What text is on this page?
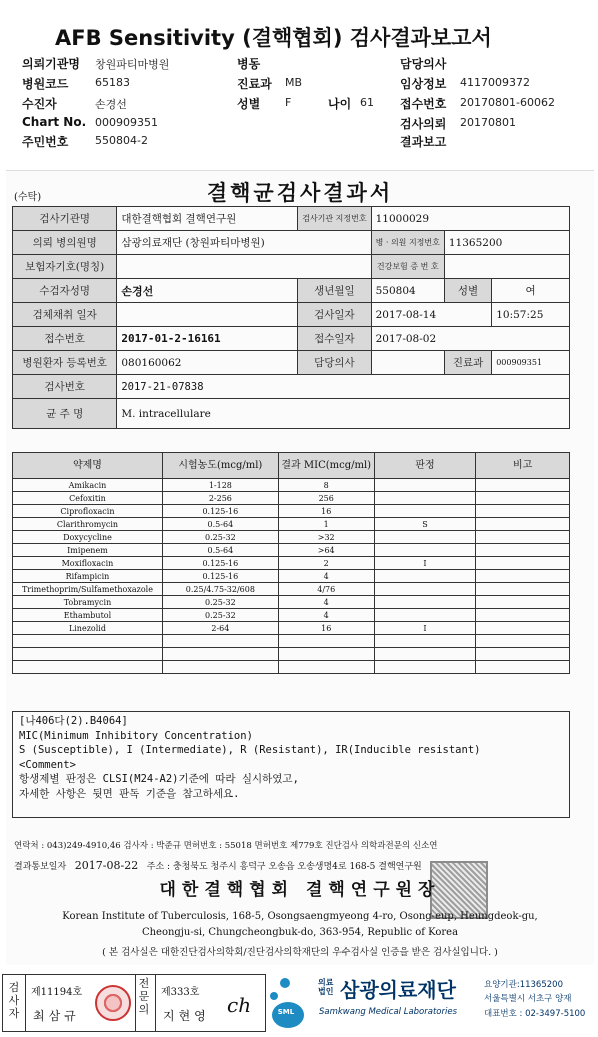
AFB Sensitivity (결핵협회) 검사결과보고서
의뢰기관명 창원파티마병원	병동	담당의사
병원코드 65183	진료과 MB	임상정보 4117009372
수진자	손경선	성별 F	나이 61 접수번호 20170801-60062
Chart No. 000909351	검사의뢰 20170801
주민번호 550804-2	결과보고
(수탁)	결핵균검사결과서
검사기관명	대한결핵협회 결핵연구원	검사기관 지정번호	11000029		
의뢰 병의원명	삼광의료재단 (창원파티마병원)		병 · 의원 지정번호	11365200	
보험자기호(명칭)			건강보험 증 번 호		
수검자성명	손경선	생년월일	550804	성별	여
검체채취 일자		검사일자	2017-08-14		10:57:25
접수번호	2017-01-2-16161	접수일자	2017-08-02		
병원환자 등록번호	080160062	담당의사		진료과	000909351
검사번호	2017-21-07838				
균 주 명	M. intracellulare				
약제명	시험농도(mcg/ml)	결과 MIC(mcg/ml)	판정	비고
Amikacin	1-128	8		
Cefoxitin	2-256	256		
Ciprofloxacin	0.125-16	16		
Clarithromycin	0.5-64	1	S	
Doxycycline	0.25-32	>32		
Imipenem	0.5-64	>64		
Moxifloxacin	0.125-16	2	I	
Rifampicin	0.125-16	4		
Trimethoprim/Sulfamethoxazole	0.25/4.75-32/608	4/76		
Tobramycin	0.25-32	4		
Ethambutol	0.25-32	4		
Linezolid	2-64	16	I	

[나406다(2).B4064]
MIC(Minimum Inhibitory Concentration)
S (Susceptible), I (Intermediate), R (Resistant), IR(Inducible resistant)
<Comment>
항생제별 판정은 CLSI(M24-A2)기준에 따라 실시하였고,
자세한 사항은 뒷면 판독 기준을 참고하세요.
연락처 : 043)249-4910,46 검사자 : 박준규 면허번호 : 55018 면허번호 제779호 진단검사 의학과전문의 신소연
결과통보일자 2017-08-22 주소 : 충청북도 청주시 흥덕구 오송읍 오송생명4로 168-5 결핵연구원
대한결핵협회 결핵연구원장
Korean Institute of Tuberculosis, 168-5, Osongsaengmyeong 4-ro, Osong-eup, Heungdeok-gu,
Cheongju-si, Chungcheongbuk-do, 363-954, Republic of Korea
( 본 검사실은 대한진단검사의학회/진단검사의학재단의 우수검사실 인증을 받은 검사실입니다. )
검사자
제11194호
최삼규
전문의
제333호
지현영 ch	SML
의료 법인 삼광의료재단
Samkwang Medical Laboratories
요양기관:11365200
서울특별시 서초구 양재
대표번호 : 02-3497-5100
